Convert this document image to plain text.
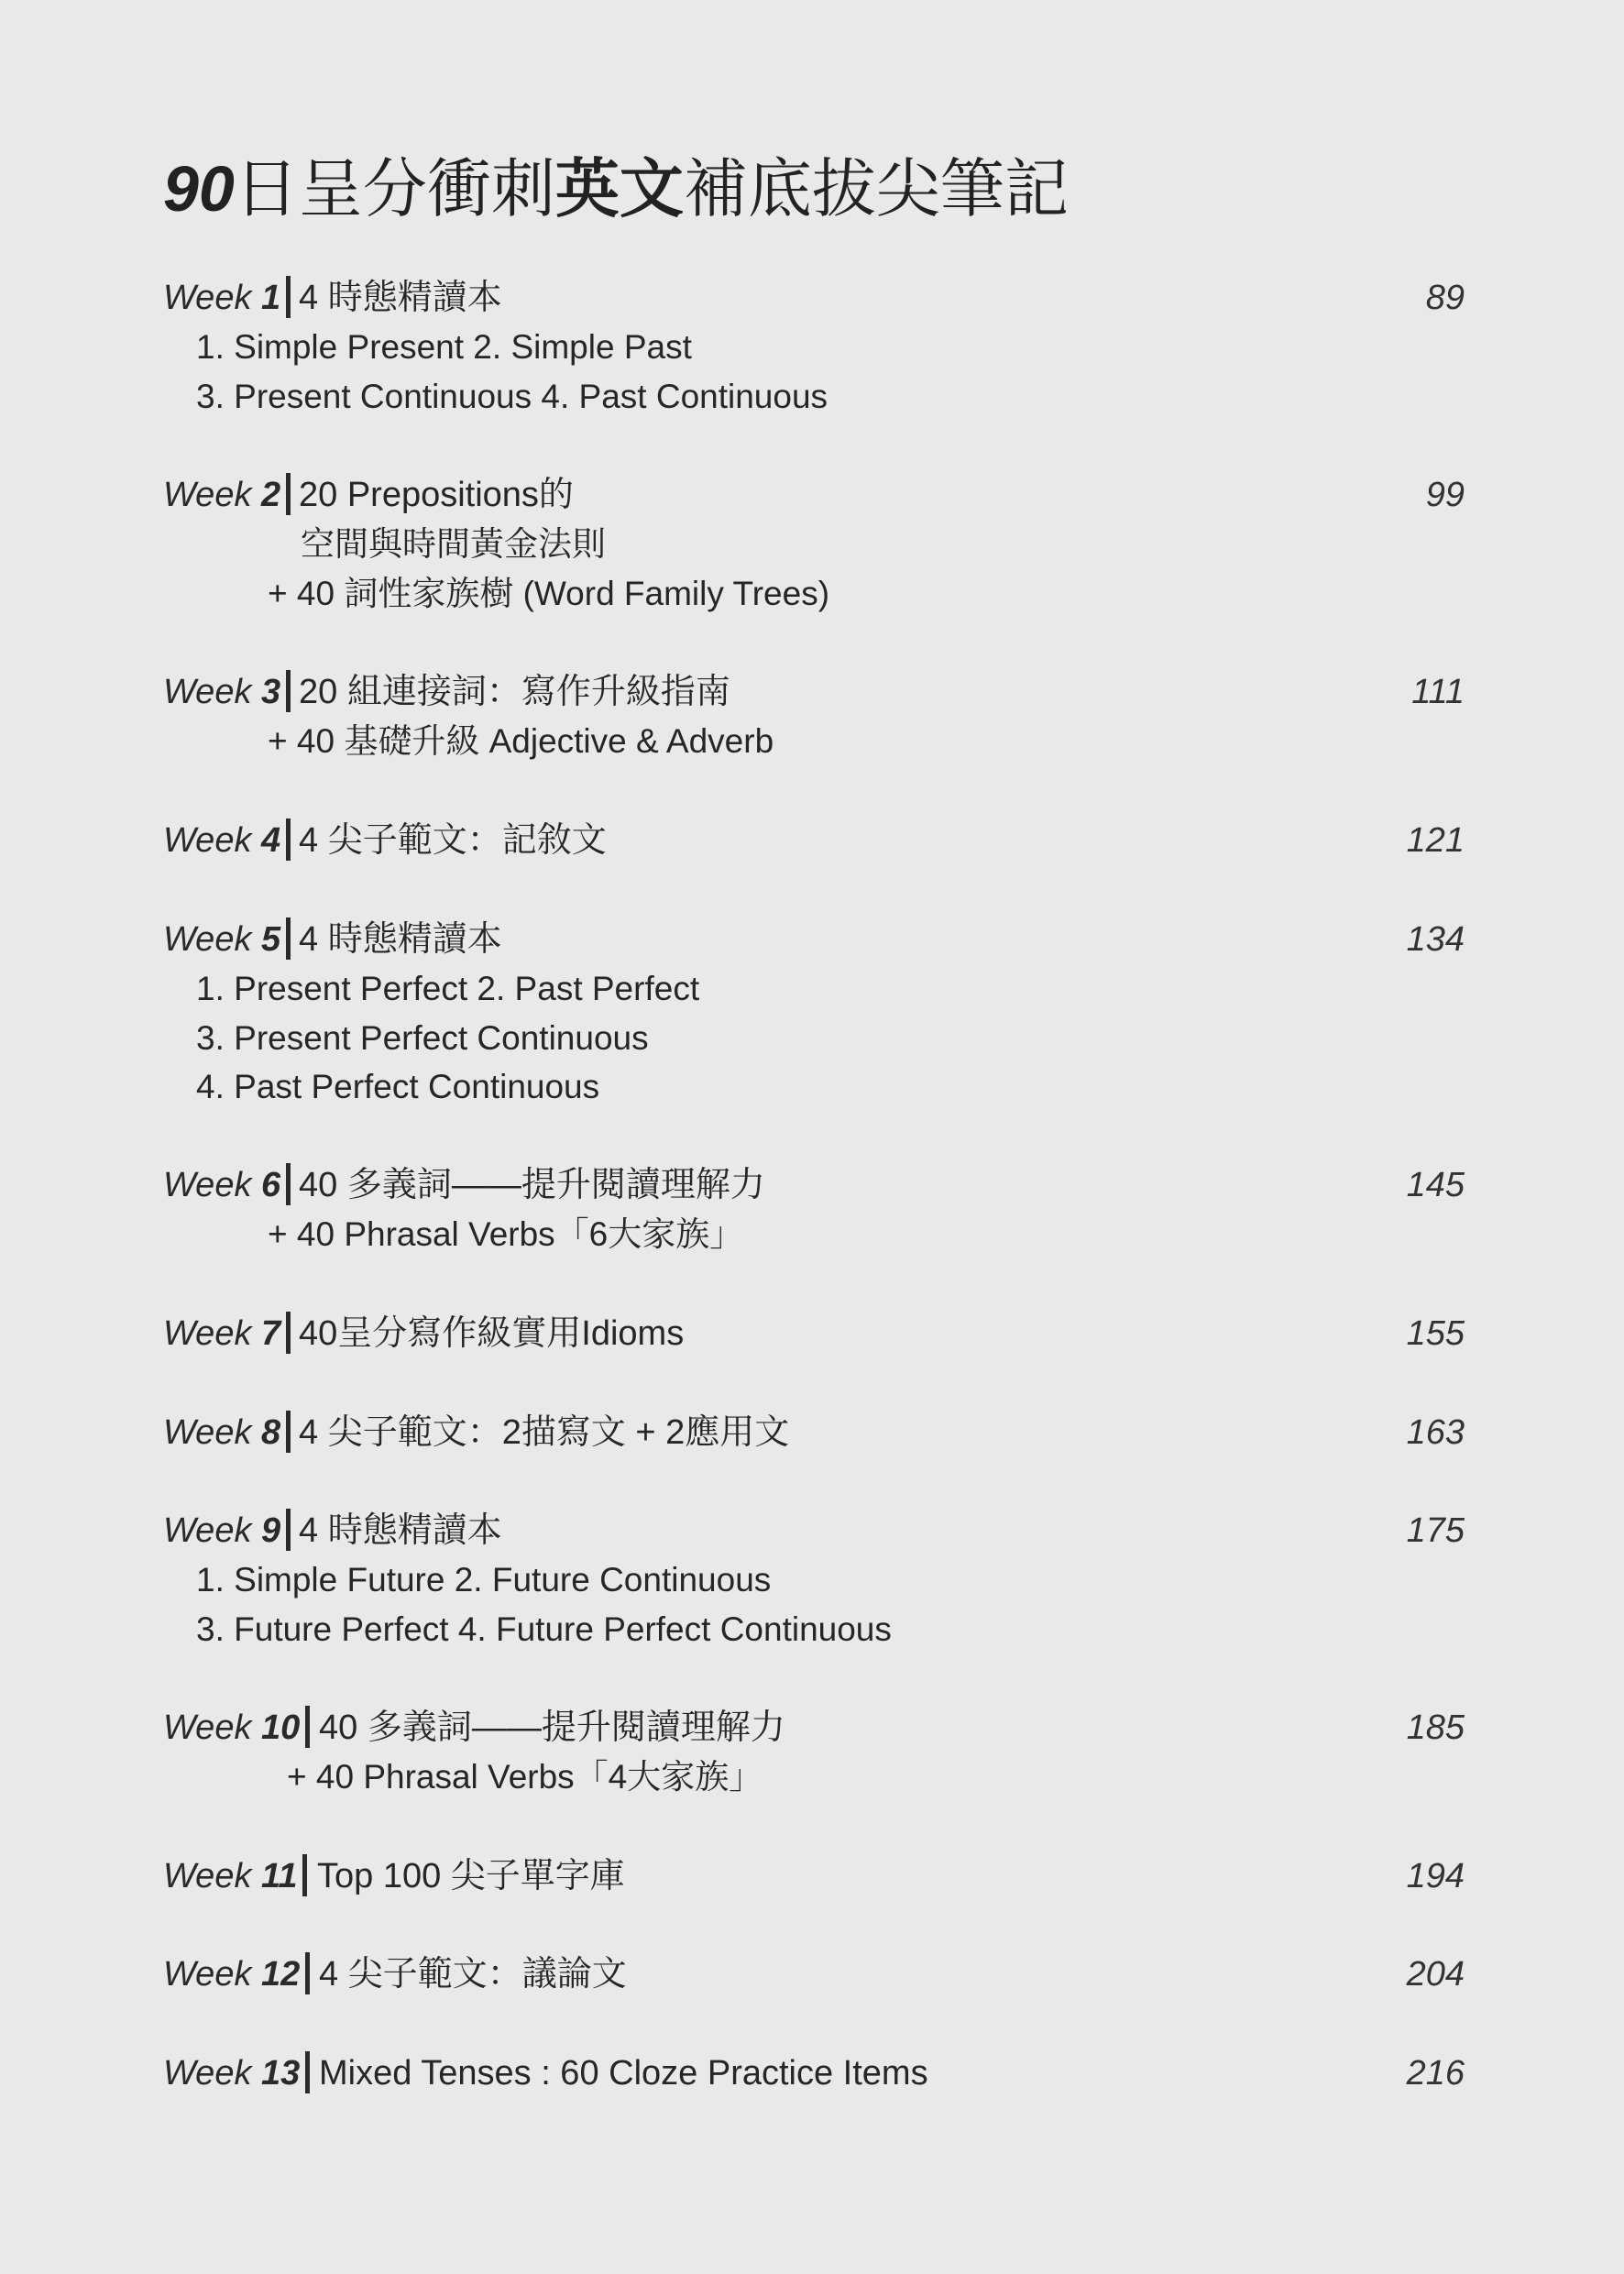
90日呈分衝刺英文補底拔尖筆記
Week 1 4 時態精讀本	89
1. Simple Present 2. Simple Past
3. Present Continuous 4. Past Continuous
Week 2 20 Prepositions的	99
空間與時間黃金法則
+ 40 詞性家族樹 (Word Family Trees)
Week 3 20 組連接詞：寫作升級指南	111
+ 40 基礎升級 Adjective & Adverb
Week 4 4 尖子範文：記敘文	121
Week 5 4 時態精讀本	134
1. Present Perfect 2. Past Perfect
3. Present Perfect Continuous
4. Past Perfect Continuous
Week 6 40 多義詞——提升閱讀理解力	145
+ 40 Phrasal Verbs「6大家族」
Week 7 40呈分寫作級實用Idioms	155
Week 8 4 尖子範文：2描寫文 + 2應用文	163
Week 9 4 時態精讀本	175
1. Simple Future 2. Future Continuous
3. Future Perfect 4. Future Perfect Continuous
Week 10 40 多義詞——提升閱讀理解力	185
+ 40 Phrasal Verbs「4大家族」
Week 11 Top 100 尖子單字庫	194
Week 12 4 尖子範文：議論文	204
Week 13 Mixed Tenses : 60 Cloze Practice Items	216
